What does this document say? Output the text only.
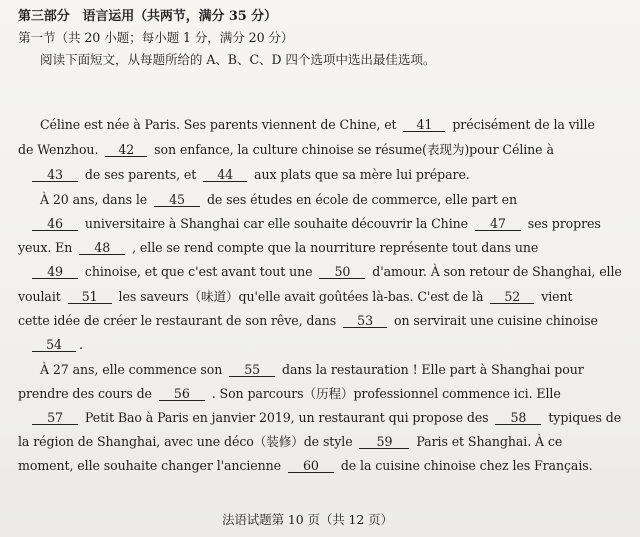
第三部分　语言运用（共两节，满分 35 分）
第一节（共 20 小题；每小题 1 分，满分 20 分）
阅读下面短文，从每题所给的 A、B、C、D 四个选项中选出最佳选项。
Céline est née à Paris. Ses parents viennent de Chine, et 41 précisément de la ville
de Wenzhou. 42 son enfance, la culture chinoise se résume(表现为)pour Céline à
43 de ses parents, et 44 aux plats que sa mère lui prépare.
À 20 ans, dans le 45 de ses études en école de commerce, elle part en
46 universitaire à Shanghai car elle souhaite découvrir la Chine 47 ses propres
yeux. En 48 , elle se rend compte que la nourriture représente tout dans une
49 chinoise, et que c'est avant tout une 50 d'amour. À son retour de Shanghai, elle
voulait 51 les saveurs（味道）qu'elle avait goûtées là-bas. C'est de là 52 vient
cette idée de créer le restaurant de son rêve, dans 53 on servirait une cuisine chinoise
54 .
À 27 ans, elle commence son 55 dans la restauration ! Elle part à Shanghai pour
prendre des cours de 56 . Son parcours（历程）professionnel commence ici. Elle
57 Petit Bao à Paris en janvier 2019, un restaurant qui propose des 58 typiques de
la région de Shanghai, avec une déco（装修）de style 59 Paris et Shanghai. À ce
moment, elle souhaite changer l'ancienne 60 de la cuisine chinoise chez les Français.
法语试题第 10 页（共 12 页）
